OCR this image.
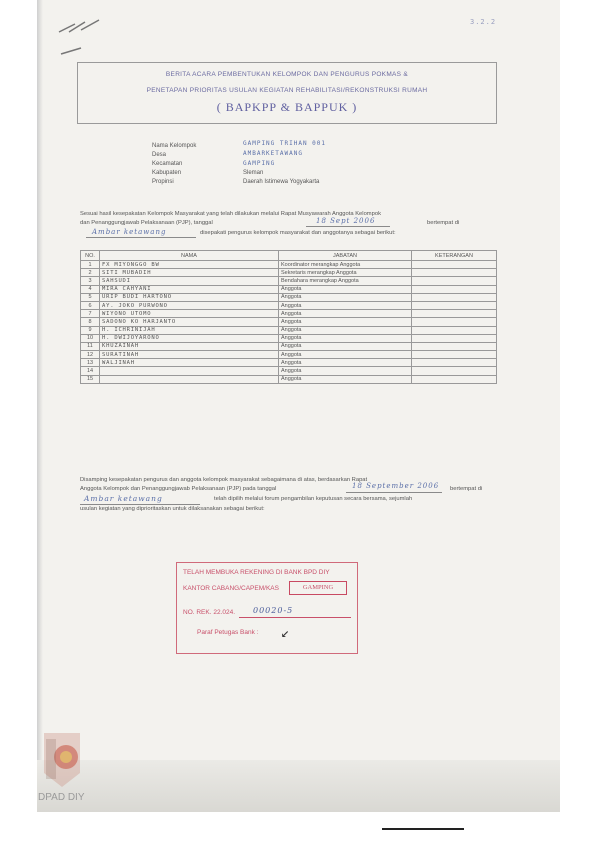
3.2.2
BERITA ACARA PEMBENTUKAN KELOMPOK DAN PENGURUS POKMAS &
PENETAPAN PRIORITAS USULAN KEGIATAN REHABILITASI/REKONSTRUKSI RUMAH
( BAPKPP & BAPPUK )
Nama Kelompok	GAMPING TRIHAN 001
Desa	AMBARKETAWANG
Kecamatan	GAMPING
Kabupaten	Sleman
Propinsi	Daerah Istimewa Yogyakarta
Sesuai hasil kesepakatan Kelompok Masyarakat yang telah dilakukan melalui Rapat Musyawarah Anggota Kelompok
dan Penanggungjawab Pelaksanaan (PJP), tanggal	18 Sept 2006	bertempat di
Ambar ketawang	disepakati pengurus kelompok masyarakat dan anggotanya sebagai berikut:
NO.	NAMA	JABATAN	KETERANGAN
1	FX MIYONGGO BW	Koordinator merangkap Anggota	
2	SITI MUBADIH	Sekretaris merangkap Anggota	
3	SAHSUDI	Bendahara merangkap Anggota	
4	MIRA CAHYANI	Anggota	
5	URIP BUDI HARTONO	Anggota	
6	AY. JOKO PURWONO	Anggota	
7	WIYONO UTOMO	Anggota	
8	SADONO KO HARJANTO	Anggota	
9	H. ICHRINIJAH	Anggota	
10	H. DWIJOYARONO	Anggota	
11	KHUZAINAH	Anggota	
12	SURATINAH	Anggota	
13	WALJINAH	Anggota	
14		Anggota	
15		Anggota	
Disamping kesepakatan pengurus dan anggota kelompok masyarakat sebagaimana di atas, berdasarkan Rapat
Anggota Kelompok dan Penanggungjawab Pelaksanaan (PJP) pada tanggal	18 September 2006 bertempat di
Ambar ketawang	telah dipilih melalui forum pengambilan keputusan secara bersama, sejumlah
usulan kegiatan yang diprioritaskan untuk dilaksanakan sebagai berikut:
TELAH MEMBUKA REKENING DI BANK BPD DIY
KANTOR CABANG/CAPEM/KAS	GAMPING
NO. REK. 22.024. 00020-5
Paraf Petugas Bank : ↙
DPAD DIY
